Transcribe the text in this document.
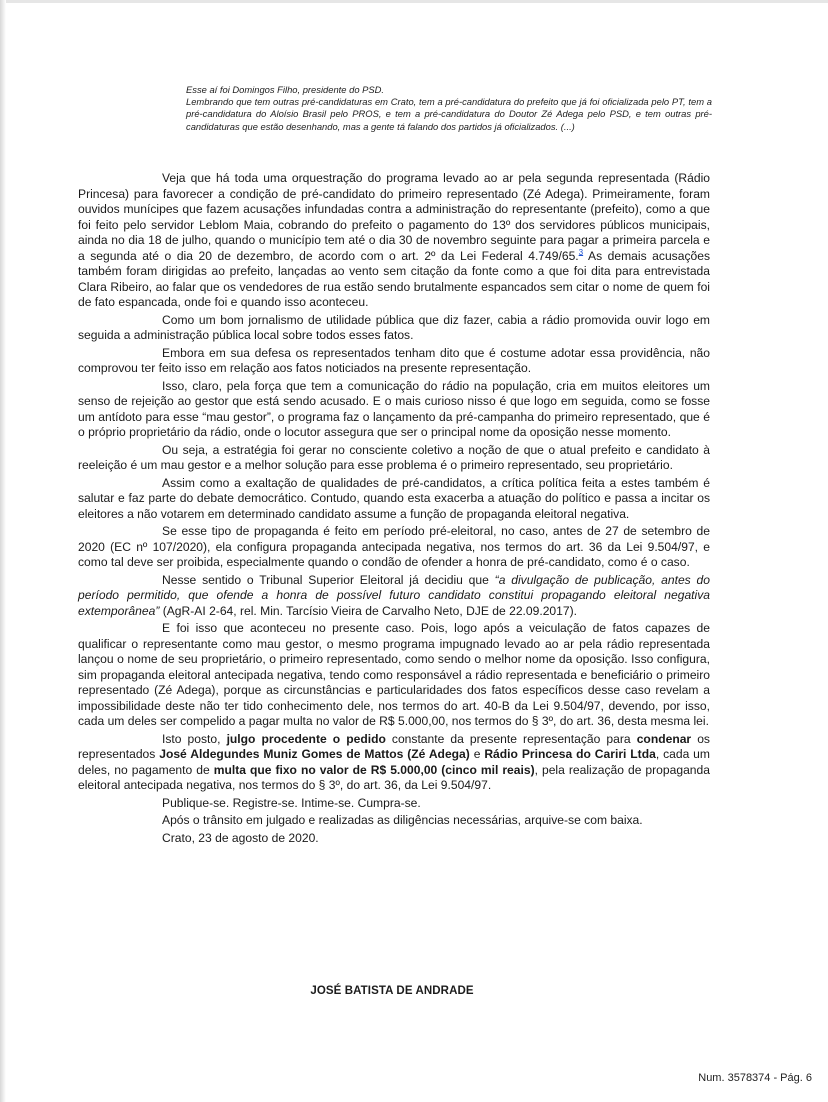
Esse aí foi Domingos Filho, presidente do PSD.

Lembrando que tem outras pré-candidaturas em Crato, tem a pré-candidatura do prefeito que já foi oficializada pelo PT, tem a pré-candidatura do Aloísio Brasil pelo PROS, e tem a pré-candidatura do Doutor Zé Adega pelo PSD, e tem outras pré-candidaturas que estão desenhando, mas a gente tá falando dos partidos já oficializados. (...)

Veja que há toda uma orquestração do programa levado ao ar pela segunda representada (Rádio Princesa) para favorecer a condição de pré-candidato do primeiro representado (Zé Adega). Primeiramente, foram ouvidos munícipes que fazem acusações infundadas contra a administração do representante (prefeito), como a que foi feito pelo servidor Leblom Maia, cobrando do prefeito o pagamento do 13º dos servidores públicos municipais, ainda no dia 18 de julho, quando o município tem até o dia 30 de novembro seguinte para pagar a primeira parcela e a segunda até o dia 20 de dezembro, de acordo com o art. 2º da Lei Federal 4.749/65.$^3$ As demais acusações também foram dirigidas ao prefeito, lançadas ao vento sem citação da fonte como a que foi dita para entrevistada Clara Ribeiro, ao falar que os vendedores de rua estão sendo brutalmente espancados sem citar o nome de quem foi de fato espancada, onde foi e quando isso aconteceu.

Como um bom jornalismo de utilidade pública que diz fazer, cabia a rádio promovida ouvir logo em seguida a administração pública local sobre todos esses fatos.

Embora em sua defesa os representados tenham dito que é costume adotar essa providência, não comprovou ter feito isso em relação aos fatos noticiados na presente representação.

Isso, claro, pela força que tem a comunicação do rádio na população, cria em muitos eleitores um senso de rejeição ao gestor que está sendo acusado. E o mais curioso nisso é que logo em seguida, como se fosse um antídoto para esse “mau gestor”, o programa faz o lançamento da pré-campanha do primeiro representado, que é o próprio proprietário da rádio, onde o locutor assegura que ser o principal nome da oposição nesse momento.

Ou seja, a estratégia foi gerar no consciente coletivo a noção de que o atual prefeito e candidato à reeleição é um mau gestor e a melhor solução para esse problema é o primeiro representado, seu proprietário.

Assim como a exaltação de qualidades de pré-candidatos, a crítica política feita a estes também é salutar e faz parte do debate democrático. Contudo, quando esta exacerba a atuação do político e passa a incitar os eleitores a não votarem em determinado candidato assume a função de propaganda eleitoral negativa.

Se esse tipo de propaganda é feito em período pré-eleitoral, no caso, antes de 27 de setembro de 2020 (EC nº 107/2020), ela configura propaganda antecipada negativa, nos termos do art. 36 da Lei 9.504/97, e como tal deve ser proibida, especialmente quando o condão de ofender a honra de pré-candidato, como é o caso.

Nesse sentido o Tribunal Superior Eleitoral já decidiu que “a divulgação de publicação, antes do período permitido, que ofende a honra de possível futuro candidato constitui propagando eleitoral negativa extemporânea” (AgR-AI 2-64, rel. Min. Tarcísio Vieira de Carvalho Neto, DJE de 22.09.2017).

E foi isso que aconteceu no presente caso. Pois, logo após a veiculação de fatos capazes de qualificar o representante como mau gestor, o mesmo programa impugnado levado ao ar pela rádio representada lançou o nome de seu proprietário, o primeiro representado, como sendo o melhor nome da oposição. Isso configura, sim propaganda eleitoral antecipada negativa, tendo como responsável a rádio representada e beneficiário o primeiro representado (Zé Adega), porque as circunstâncias e particularidades dos fatos específicos desse caso revelam a impossibilidade deste não ter tido conhecimento dele, nos termos do art. 40-B da Lei 9.504/97, devendo, por isso, cada um deles ser compelido a pagar multa no valor de R$ 5.000,00, nos termos do § 3º, do art. 36, desta mesma lei.

Isto posto, julgo procedente o pedido constante da presente representação para condenar os representados José Aldegundes Muniz Gomes de Mattos (Zé Adega) e Rádio Princesa do Cariri Ltda, cada um deles, no pagamento de multa que fixo no valor de R$ 5.000,00 (cinco mil reais), pela realização de propaganda eleitoral antecipada negativa, nos termos do § 3º, do art. 36, da Lei 9.504/97.

Publique-se. Registre-se. Intime-se. Cumpra-se.

Após o trânsito em julgado e realizadas as diligências necessárias, arquive-se com baixa.

Crato, 23 de agosto de 2020.

JOSÉ BATISTA DE ANDRADE
Num. 3578374 - Pág. 6
